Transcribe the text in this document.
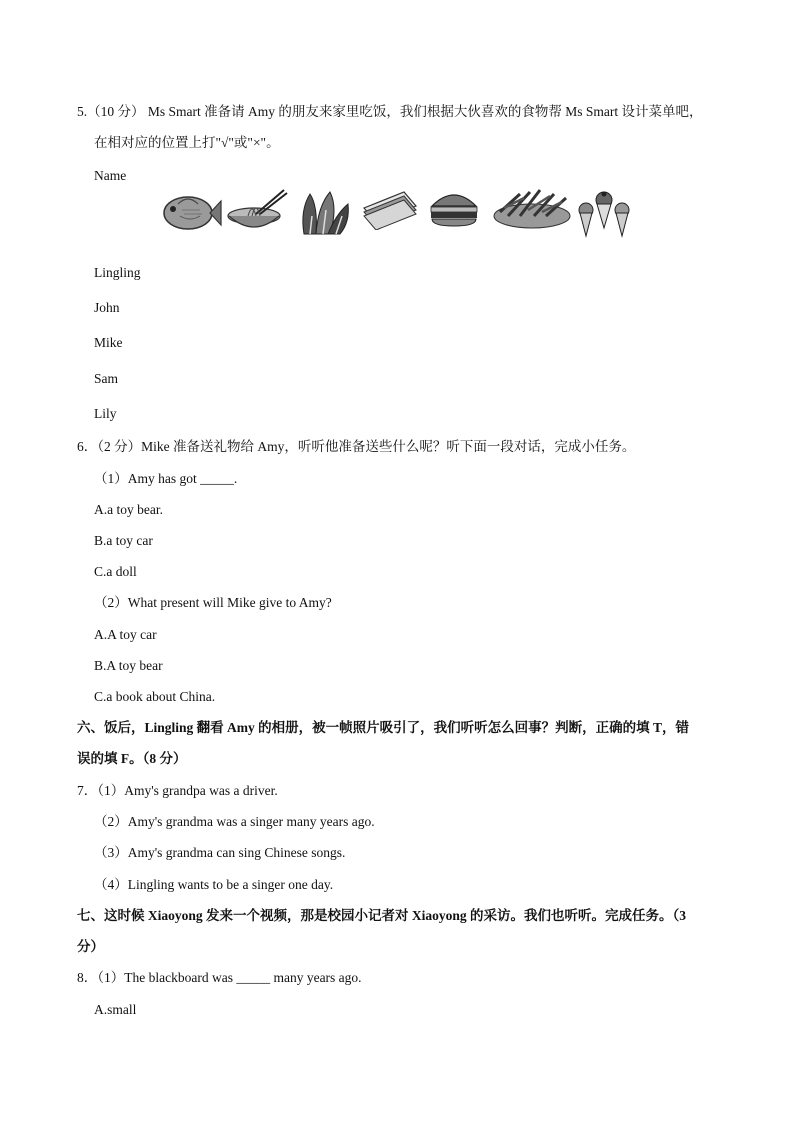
5.（10 分） Ms Smart 准备请 Amy 的朋友来家里吃饭，我们根据大伙喜欢的食物帮 Ms Smart 设计菜单吧，
在相对应的位置上打"√"或"×"。
Name
Lingling
John
Mike
Sam
Lily
6．（2 分）Mike 准备送礼物给 Amy，听听他准备送些什么呢？听下面一段对话，完成小任务。
（1）Amy has got _____.
A.a toy bear.
B.a toy car
C.a doll
（2）What present will Mike give to Amy?
A.A toy car
B.A toy bear
C.a book about China.
六、饭后，Lingling 翻看 Amy 的相册，被一帧照片吸引了，我们听听怎么回事？判断，正确的填 T，错
误的填 F。（8 分）
7．（1）Amy's grandpa was a driver.
（2）Amy's grandma was a singer many years ago.
（3）Amy's grandma can sing Chinese songs.
（4）Lingling wants to be a singer one day.
七、这时候 Xiaoyong 发来一个视频，那是校园小记者对 Xiaoyong 的采访。我们也听听。完成任务。（3
分）
8．（1）The blackboard was _____ many years ago.
A.small
